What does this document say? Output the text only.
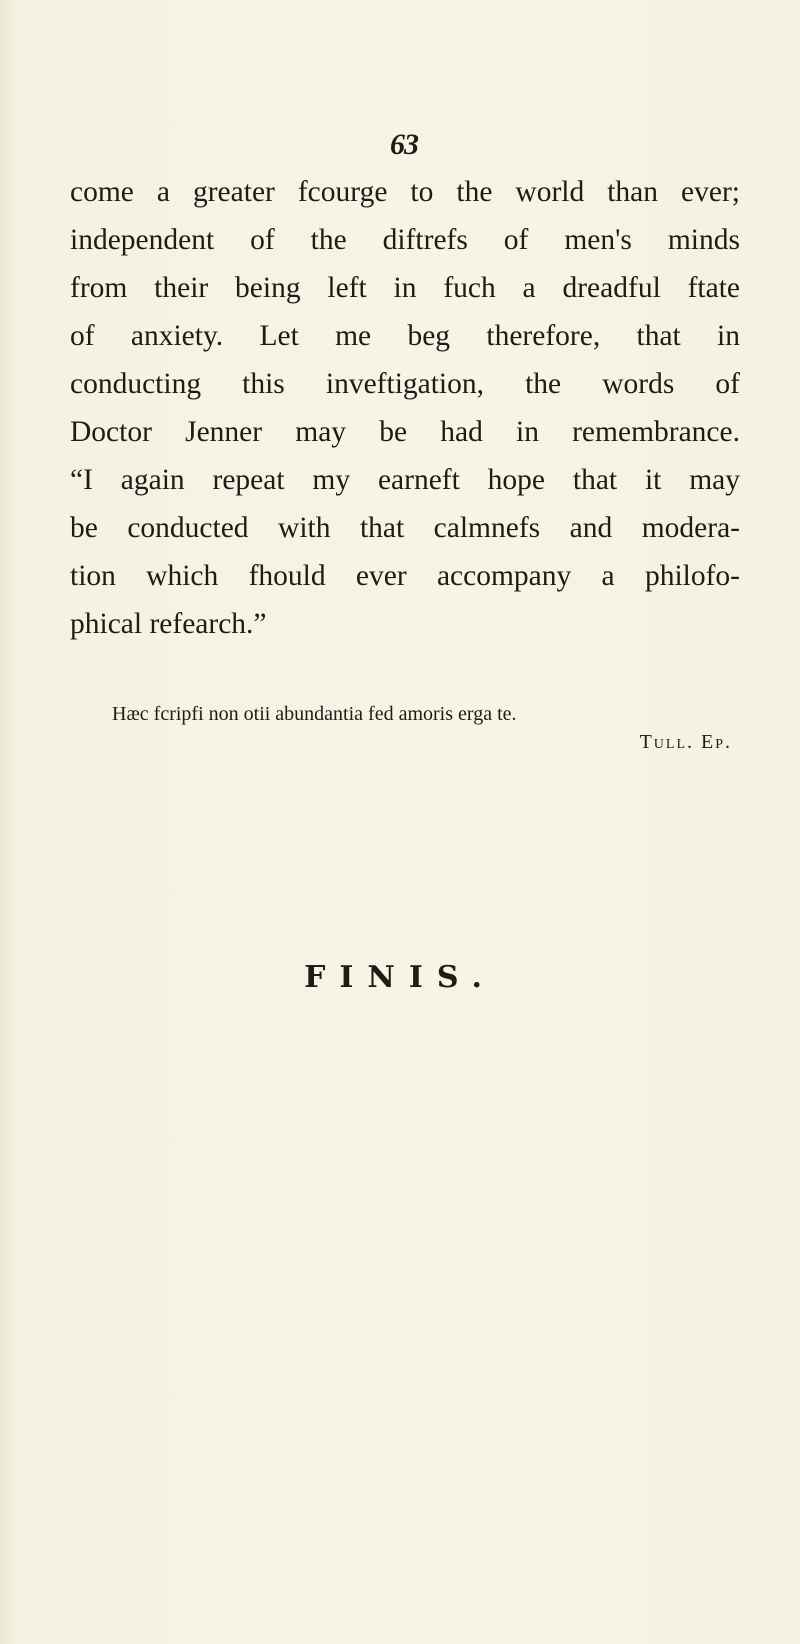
63
come a greater fcourge to the world than ever;
independent of the diftrefs of men's minds
from their being left in fuch a dreadful ftate
of anxiety. Let me beg therefore, that in
conducting this inveftigation, the words of
Doctor Jenner may be had in remembrance.
“I again repeat my earneft hope that it may
be conducted with that calmnefs and modera-
tion which fhould ever accompany a philofo-
phical refearch.”
Hæc fcripfi non otii abundantia fed amoris erga te.
Tull. Ep.
FINIS.
